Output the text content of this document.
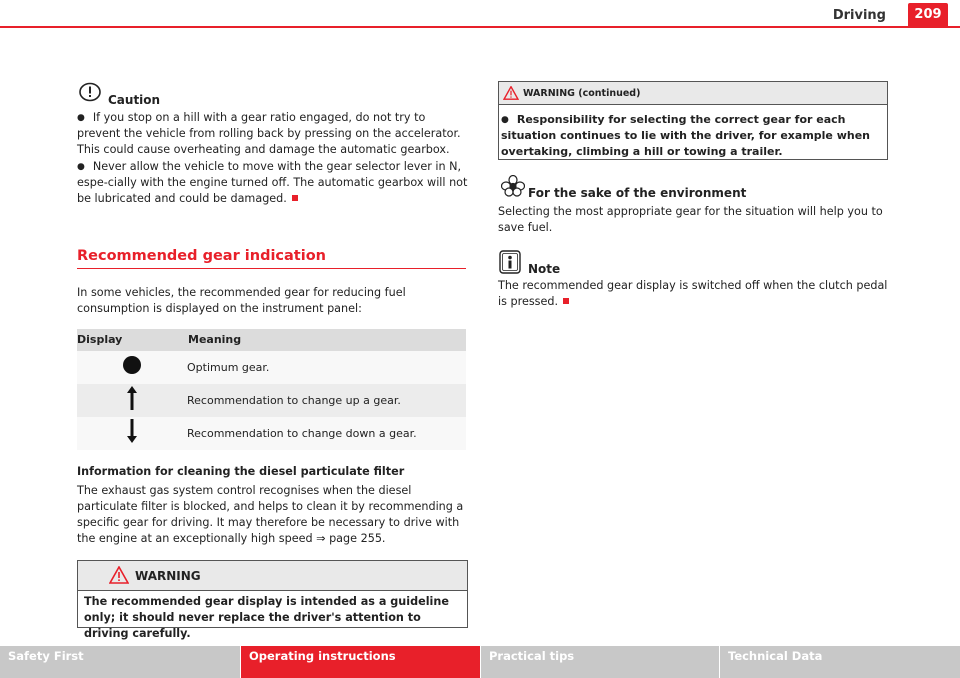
Driving	209
Caution

● If you stop on a hill with a gear ratio engaged, do not try to prevent the vehicle from rolling back by pressing on the accelerator. This could cause overheating and damage the automatic gearbox.

● Never allow the vehicle to move with the gear selector lever in N, espe-cially with the engine turned off. The automatic gearbox will not be lubricated and could be damaged.

Recommended gear indication

In some vehicles, the recommended gear for reducing fuel consumption is displayed on the instrument panel:

Display	Meaning
	Optimum gear.
	Recommendation to change up a gear.
	Recommendation to change down a gear.
Information for cleaning the diesel particulate filter

The exhaust gas system control recognises when the diesel particulate filter is blocked, and helps to clean it by recommending a specific gear for driving. It may therefore be necessary to drive with the engine at an exceptionally high speed ⇒ page 255.

WARNING
The recommended gear display is intended as a guideline only; it should never replace the driver's attention to driving carefully.
WARNING (continued)
● Responsibility for selecting the correct gear for each situation continues to lie with the driver, for example when overtaking, climbing a hill or towing a trailer.
For the sake of the environment

Selecting the most appropriate gear for the situation will help you to save fuel.

Note

The recommended gear display is switched off when the clutch pedal is pressed.

Safety First	Operating instructions	Practical tips	Technical Data
